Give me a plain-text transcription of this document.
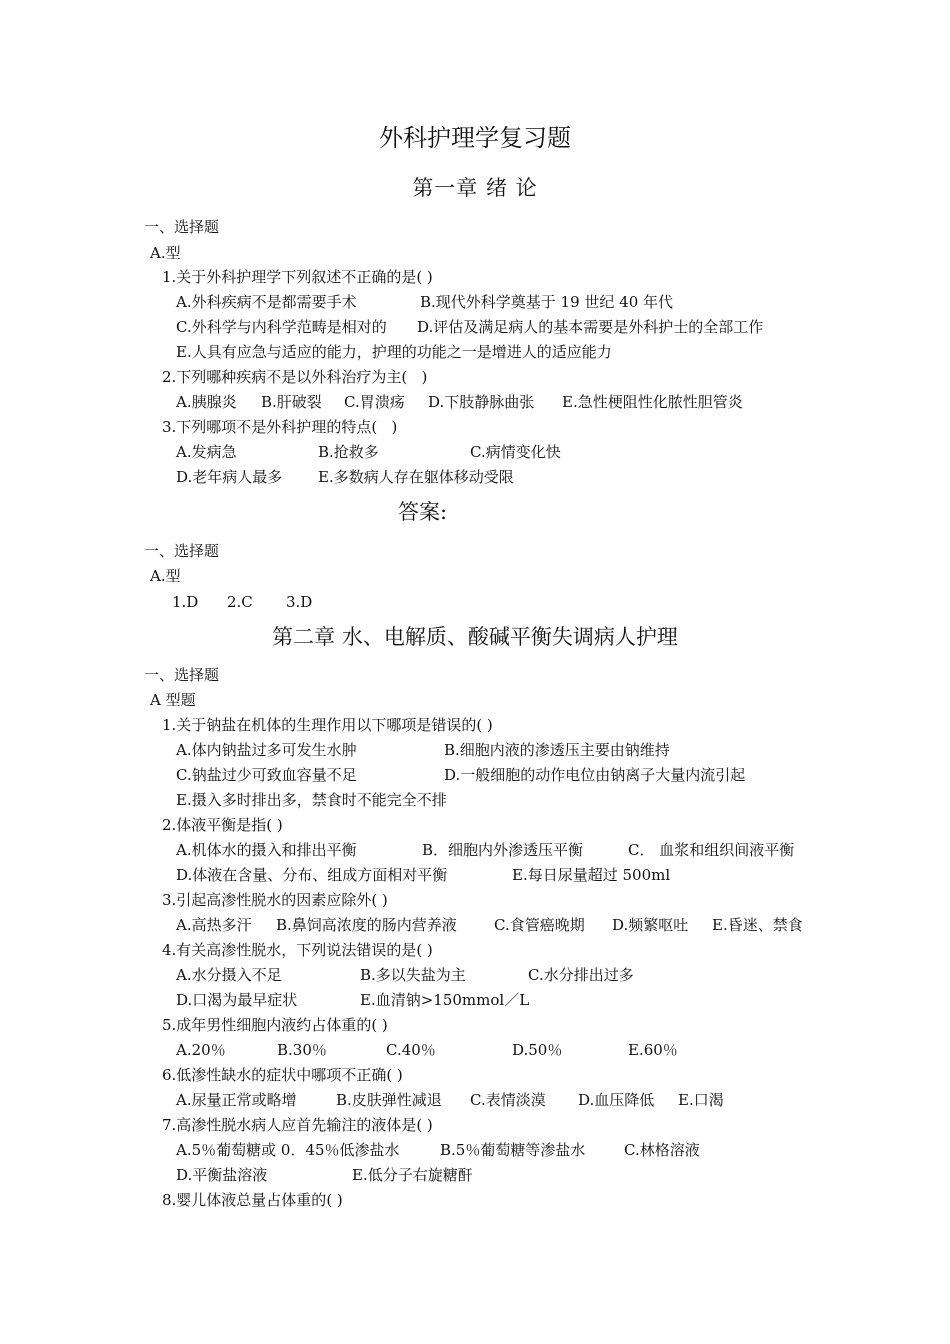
外科护理学复习题
第一章 绪 论
一、选择题
A.型
1.关于外科护理学下列叙述不正确的是( )
A.外科疾病不是都需要手术	B.现代外科学奠基于 19 世纪 40 年代
C.外科学与内科学范畴是相对的 D.评估及满足病人的基本需要是外科护士的全部工作
E.人具有应急与适应的能力，护理的功能之一是增进人的适应能力
2.下列哪种疾病不是以外科治疗为主(   )
A.胰腺炎 B.肝破裂 C.胃溃疡 D.下肢静脉曲张 E.急性梗阻性化脓性胆管炎
3.下列哪项不是外科护理的特点(   )
A.发病急	B.抢救多	C.病情变化快
D.老年病人最多 E.多数病人存在躯体移动受限
答案:
一、选择题
A.型
1.D 2.C 3.D
第二章 水、电解质、酸碱平衡失调病人护理
一、选择题
A 型题
1.关于钠盐在机体的生理作用以下哪项是错误的( )
A.体内钠盐过多可发生水肿	B.细胞内液的渗透压主要由钠维持
C.钠盐过少可致血容量不足	D.一般细胞的动作电位由钠离子大量内流引起
E.摄入多时排出多，禁食时不能完全不排
2.体液平衡是指( )
A.机体水的摄入和排出平衡	B．细胞内外渗透压平衡	C． 血浆和组织间液平衡
D.体液在含量、分布、组成方面相对平衡	E.每日尿量超过 500ml
3.引起高渗性脱水的因素应除外( )
A.高热多汗 B.鼻饲高浓度的肠内营养液 C.食管癌晚期 D.频繁呕吐 E.昏迷、禁食
4.有关高渗性脱水，下列说法错误的是( )
A.水分摄入不足	B.多以失盐为主	C.水分排出过多
D.口渴为最早症状	E.血清钠>150mmol／L
5.成年男性细胞内液约占体重的( )
A.20％	B.30％	C.40％	D.50％	E.60％
6.低渗性缺水的症状中哪项不正确( )
A.尿量正常或略增	B.皮肤弹性减退 C.表情淡漠 D.血压降低 E.口渴
7.高渗性脱水病人应首先输注的液体是( )
A.5％葡萄糖或 0．45％低渗盐水	B.5％葡萄糖等渗盐水	C.林格溶液
D.平衡盐溶液	E.低分子右旋糖酐
8.婴儿体液总量占体重的( )
